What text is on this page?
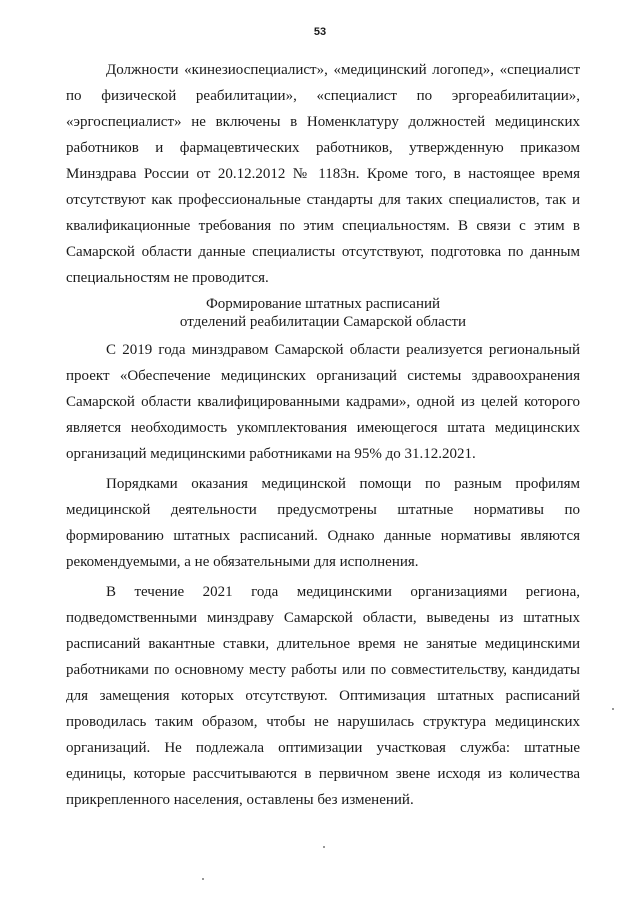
53

Должности «кинезиоспециалист», «медицинский логопед», «специалист по физической реабилитации», «специалист по эргореабилитации», «эргоспециалист» не включены в Номенклатуру должностей медицинских работников и фармацевтических работников, утвержденную приказом Минздрава России от 20.12.2012 № 1183н. Кроме того, в настоящее время отсутствуют как профессиональные стандарты для таких специалистов, так и квалификационные требования по этим специальностям. В связи с этим в Самарской области данные специалисты отсутствуют, подготовка по данным специальностям не проводится.

Формирование штатных расписаний

отделений реабилитации Самарской области

С 2019 года минздравом Самарской области реализуется региональный проект «Обеспечение медицинских организаций системы здравоохранения Самарской области квалифицированными кадрами», одной из целей которого является необходимость укомплектования имеющегося штата медицинских организаций медицинскими работниками на 95% до 31.12.2021.

Порядками оказания медицинской помощи по разным профилям медицинской деятельности предусмотрены штатные нормативы по формированию штатных расписаний. Однако данные нормативы являются рекомендуемыми, а не обязательными для исполнения.

В течение 2021 года медицинскими организациями региона, подведомственными минздраву Самарской области, выведены из штатных расписаний вакантные ставки, длительное время не занятые медицинскими работниками по основному месту работы или по совместительству, кандидаты для замещения которых отсутствуют. Оптимизация штатных расписаний проводилась таким образом, чтобы не нарушилась структура медицинских организаций. Не подлежала оптимизации участковая служба: штатные единицы, которые рассчитываются в первичном звене исходя из количества прикрепленного населения, оставлены без изменений.
